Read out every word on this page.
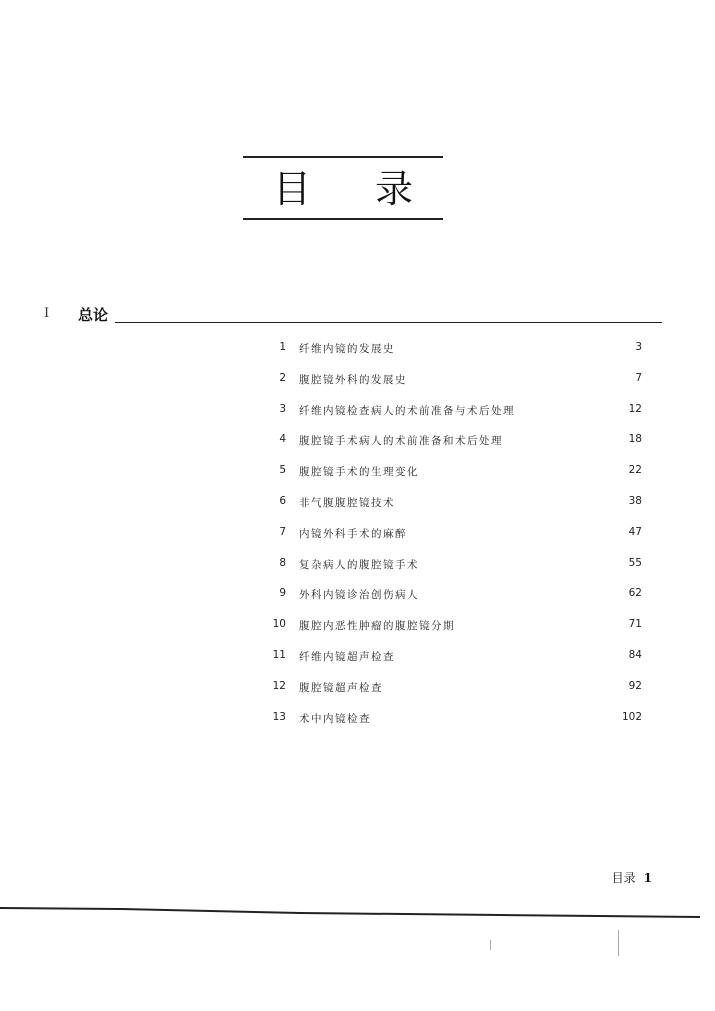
目 录
I 总论
1 纤维内镜的发展史	3
2 腹腔镜外科的发展史	7
3 纤维内镜检查病人的术前准备与术后处理	12
4 腹腔镜手术病人的术前准备和术后处理	18
5 腹腔镜手术的生理变化	22
6 非气腹腹腔镜技术	38
7 内镜外科手术的麻醉	47
8 复杂病人的腹腔镜手术	55
9 外科内镜诊治创伤病人	62
10 腹腔内恶性肿瘤的腹腔镜分期	71
11 纤维内镜超声检查	84
12 腹腔镜超声检查	92
13 术中内镜检查	102
目录 1
